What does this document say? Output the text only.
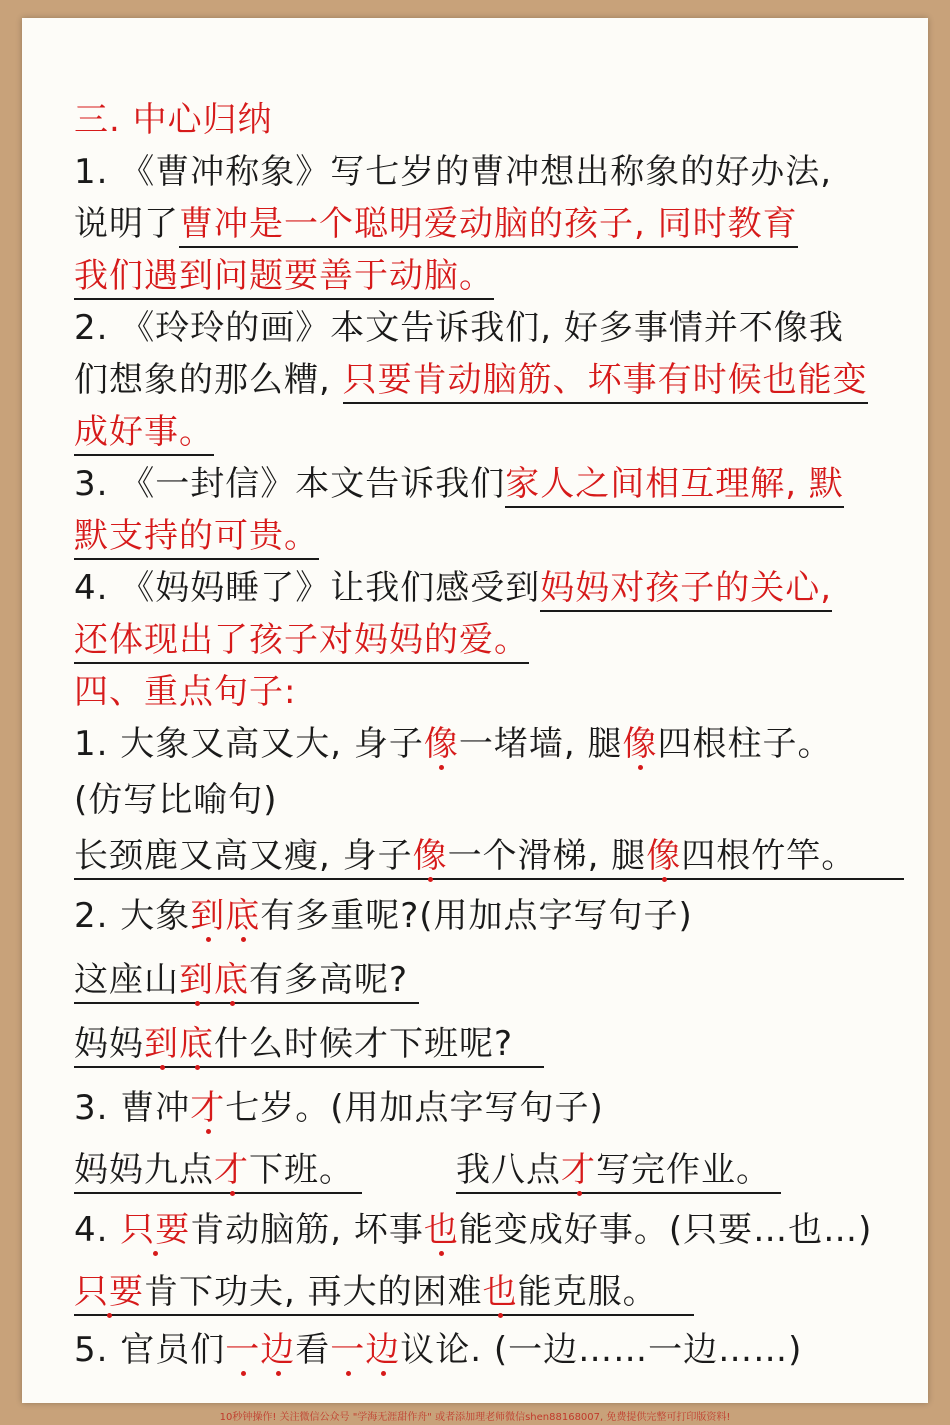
三. 中心归纳
1. 《曹冲称象》写七岁的曹冲想出称象的好办法,
说明了曹冲是一个聪明爱动脑的孩子, 同时教育
我们遇到问题要善于动脑。
2. 《玲玲的画》本文告诉我们, 好多事情并不像我
们想象的那么糟, 只要肯动脑筋、坏事有时候也能变
成好事。
3. 《一封信》本文告诉我们家人之间相互理解, 默
默支持的可贵。
4. 《妈妈睡了》让我们感受到妈妈对孩子的关心,
还体现出了孩子对妈妈的爱。
四、重点句子:
1. 大象又高又大, 身子像一堵墙, 腿像四根柱子。
(仿写比喻句)
长颈鹿又高又瘦, 身子像一个滑梯, 腿像四根竹竿。
2. 大象到底有多重呢?(用加点字写句子)
这座山到底有多高呢?
妈妈到底什么时候才下班呢?
3. 曹冲才七岁。(用加点字写句子)
妈妈九点才下班。	我八点才写完作业。
4. 只要肯动脑筋, 坏事也能变成好事。(只要…也…)
只要肯下功夫, 再大的困难也能克服。
5. 官员们一边看一边议论. (一边……一边……)
10秒钟操作! 关注微信公众号 "学海无涯甜作舟" 或者添加理老师微信shen88168007, 免费提供完整可打印版资料!
